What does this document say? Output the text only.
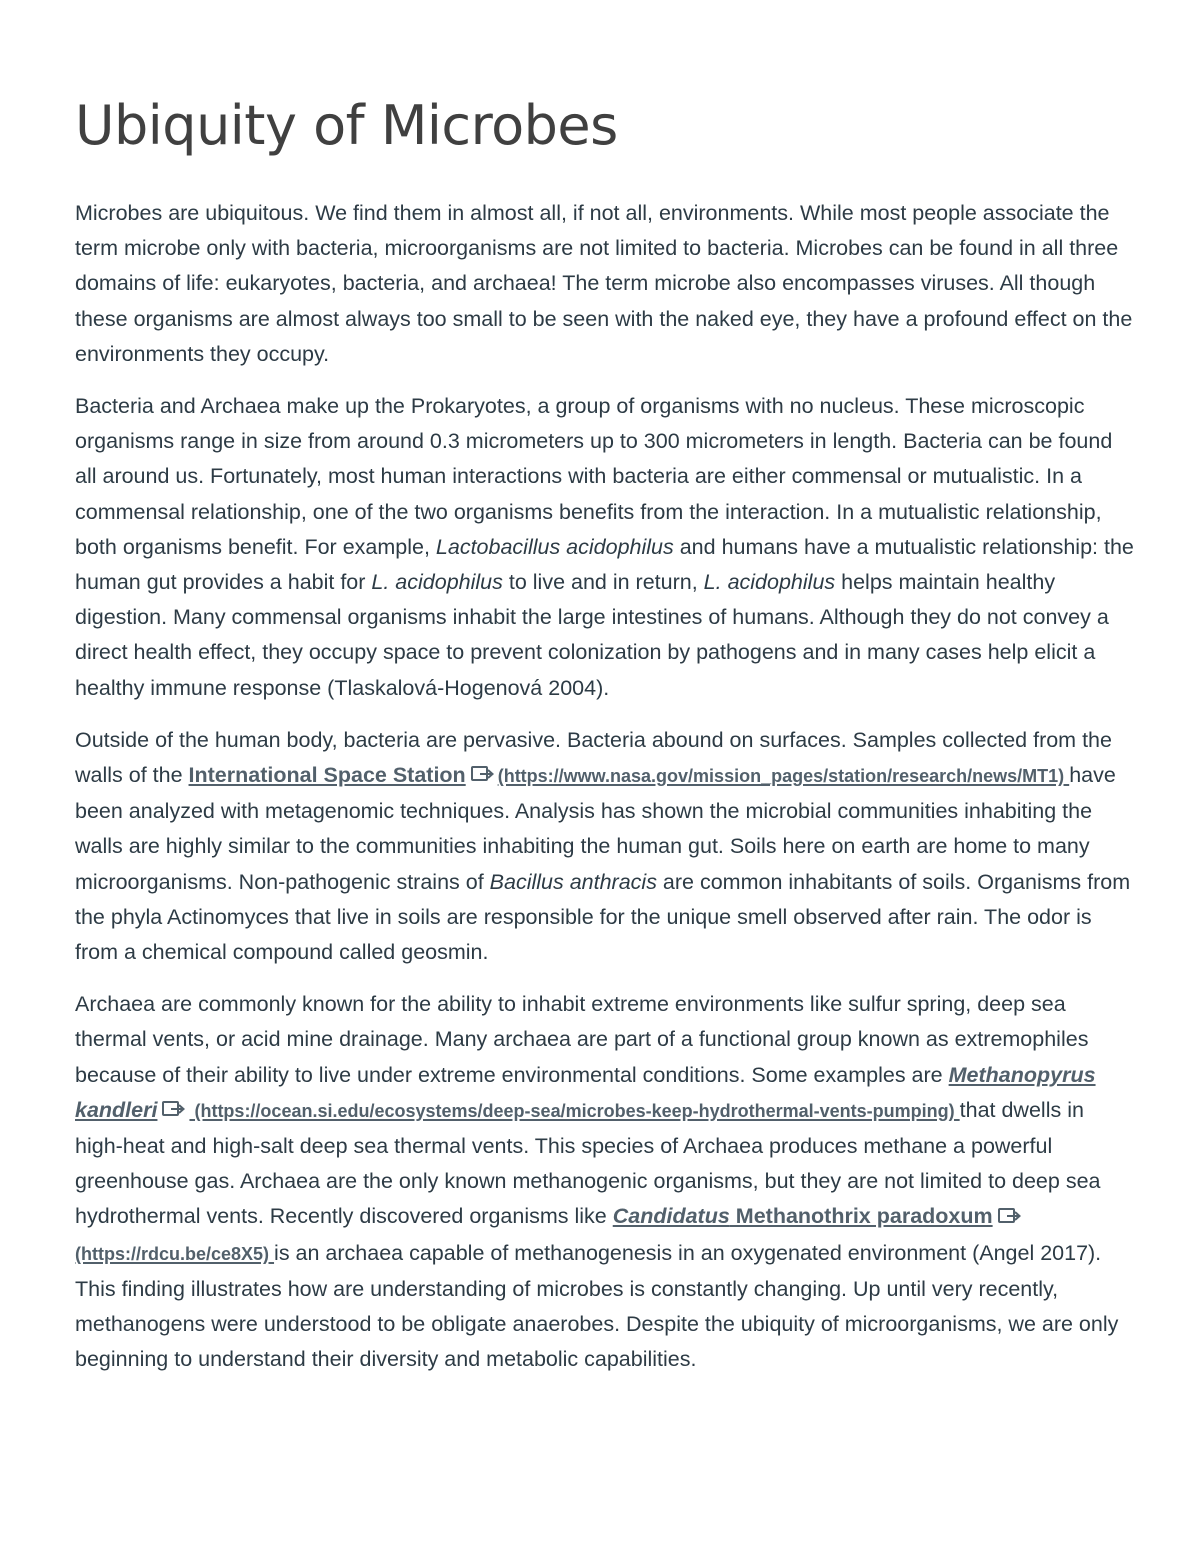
Ubiquity of Microbes

Microbes are ubiquitous. We find them in almost all, if not all, environments. While most people associate the term microbe only with bacteria, microorganisms are not limited to bacteria. Microbes can be found in all three domains of life: eukaryotes, bacteria, and archaea! The term microbe also encompasses viruses. All though these organisms are almost always too small to be seen with the naked eye, they have a profound effect on the environments they occupy.

Bacteria and Archaea make up the Prokaryotes, a group of organisms with no nucleus. These microscopic organisms range in size from around 0.3 micrometers up to 300 micrometers in length. Bacteria can be found all around us. Fortunately, most human interactions with bacteria are either commensal or mutualistic. In a commensal relationship, one of the two organisms benefits from the interaction. In a mutualistic relationship, both organisms benefit. For example, Lactobacillus acidophilus and humans have a mutualistic relationship: the human gut provides a habit for L. acidophilus to live and in return, L. acidophilus helps maintain healthy digestion. Many commensal organisms inhabit the large intestines of humans. Although they do not convey a direct health effect, they occupy space to prevent colonization by pathogens and in many cases help elicit a healthy immune response (Tlaskalová-Hogenová 2004).

Outside of the human body, bacteria are pervasive. Bacteria abound on surfaces. Samples collected from the walls of the International Space Station (https://www.nasa.gov/mission_pages/station/research/news/MT1) have been analyzed with metagenomic techniques. Analysis has shown the microbial communities inhabiting the walls are highly similar to the communities inhabiting the human gut. Soils here on earth are home to many microorganisms. Non-pathogenic strains of Bacillus anthracis are common inhabitants of soils. Organisms from the phyla Actinomyces that live in soils are responsible for the unique smell observed after rain. The odor is from a chemical compound called geosmin.

Archaea are commonly known for the ability to inhabit extreme environments like sulfur spring, deep sea thermal vents, or acid mine drainage. Many archaea are part of a functional group known as extremophiles because of their ability to live under extreme environmental conditions. Some examples are Methanopyrus kandleri (https://ocean.si.edu/ecosystems/deep-sea/microbes-keep-hydrothermal-vents-pumping) that dwells in high-heat and high-salt deep sea thermal vents. This species of Archaea produces methane a powerful greenhouse gas. Archaea are the only known methanogenic organisms, but they are not limited to deep sea hydrothermal vents. Recently discovered organisms like Candidatus Methanothrix paradoxum (https://rdcu.be/ce8X5) is an archaea capable of methanogenesis in an oxygenated environment (Angel 2017). This finding illustrates how are understanding of microbes is constantly changing. Up until very recently, methanogens were understood to be obligate anaerobes. Despite the ubiquity of microorganisms, we are only beginning to understand their diversity and metabolic capabilities.
